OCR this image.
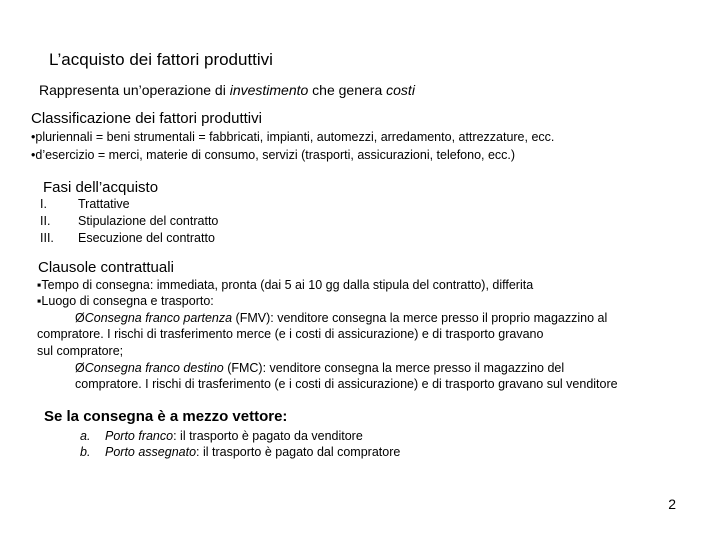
L’acquisto dei fattori produttivi
Rappresenta un’operazione di investimento che genera costi
Classificazione dei fattori produttivi
•pluriennali = beni strumentali = fabbricati, impianti, automezzi, arredamento, attrezzature, ecc.
•d’esercizio = merci, materie di consumo, servizi (trasporti, assicurazioni, telefono, ecc.)
Fasi dell’acquisto
I. Trattative
II. Stipulazione del contratto
III. Esecuzione del contratto
Clausole contrattuali
▪Tempo di consegna: immediata, pronta (dai 5 ai 10 gg dalla stipula del contratto), differita
▪Luogo di consegna e trasporto:
ØConsegna franco partenza (FMV): venditore consegna la merce presso il proprio magazzino al
compratore. I rischi di trasferimento merce (e i costi di assicurazione) e di trasporto gravano
sul compratore;
ØConsegna franco destino (FMC): venditore consegna la merce presso il magazzino del
compratore. I rischi di trasferimento (e i costi di assicurazione) e di trasporto gravano sul venditore
Se la consegna è a mezzo vettore:
a. Porto franco: il trasporto è pagato da venditore
b. Porto assegnato: il trasporto è pagato dal compratore
2
